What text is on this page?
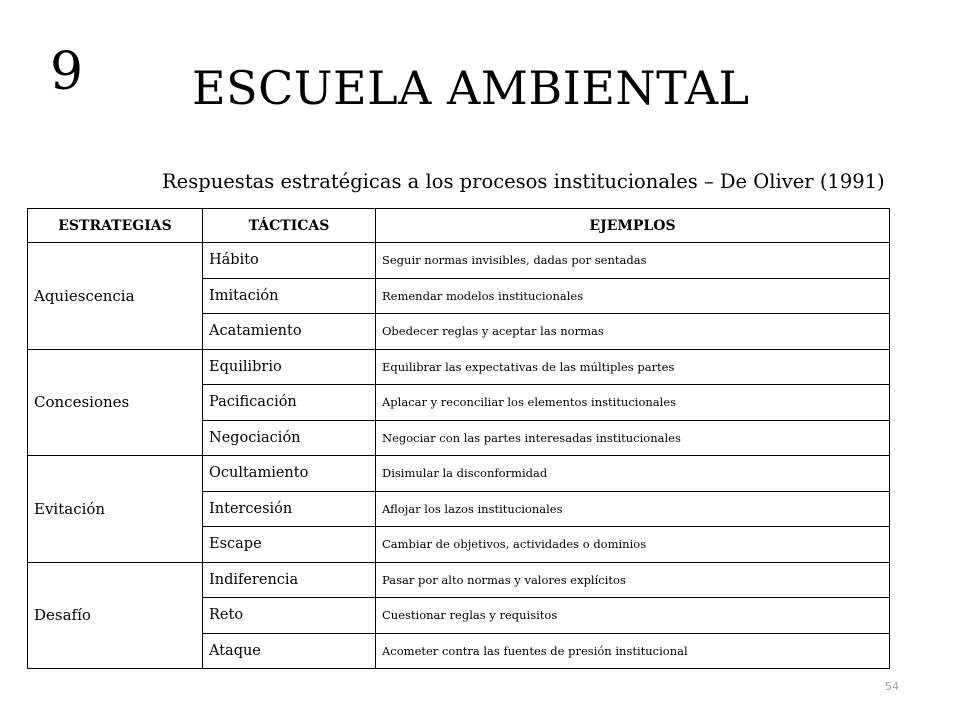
9 ESCUELA AMBIENTAL
Respuestas estratégicas a los procesos institucionales – De Oliver (1991)
ESTRATEGIAS	TÁCTICAS	EJEMPLOS
Aquiescencia	Hábito	Seguir normas invisibles, dadas por sentadas
	Imitación	Remendar modelos institucionales
	Acatamiento	Obedecer reglas y aceptar las normas
Concesiones	Equilibrio	Equilibrar las expectativas de las múltiples partes
	Pacificación	Aplacar y reconciliar los elementos institucionales
	Negociación	Negociar con las partes interesadas institucionales
Evitación	Ocultamiento	Disimular la disconformidad
	Intercesión	Aflojar los lazos institucionales
	Escape	Cambiar de objetivos, actividades o dominios
Desafío	Indiferencia	Pasar por alto normas y valores explícitos
	Reto	Cuestionar reglas y requisitos
	Ataque	Acometer contra las fuentes de presión institucional
54
